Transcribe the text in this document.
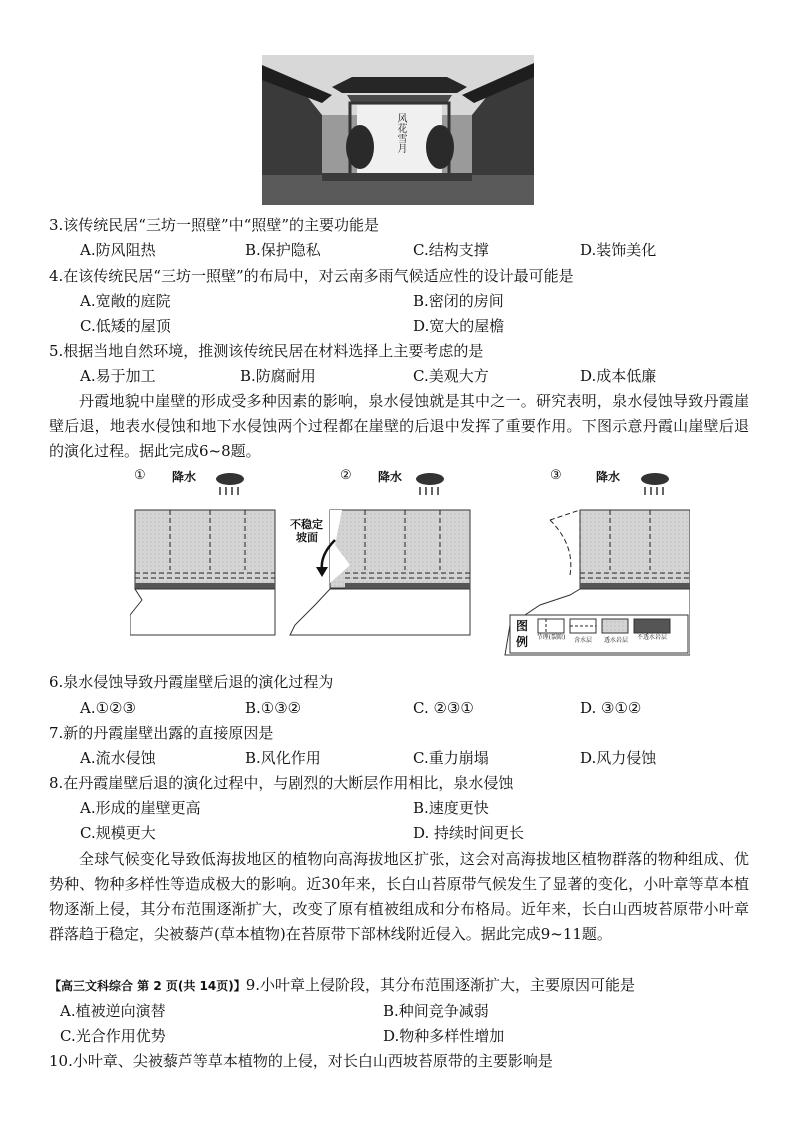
风花雪月
3.该传统民居“三坊一照壁”中“照壁”的主要功能是
A.防风阻热	B.保护隐私	C.结构支撑	D.装饰美化
4.在该传统民居“三坊一照壁”的布局中，对云南多雨气候适应性的设计最可能是
A.宽敞的庭院	B.密闭的房间
C.低矮的屋顶	D.宽大的屋檐
5.根据当地自然环境，推测该传统民居在材料选择上主要考虑的是
A.易于加工	B.防腐耐用	C.美观大方	D.成本低廉
丹霞地貌中崖壁的形成受多种因素的影响，泉水侵蚀就是其中之一。研究表明，泉水侵蚀导致丹霞崖壁后退，地表水侵蚀和地下水侵蚀两个过程都在崖壁的后退中发挥了重要作用。下图示意丹霞山崖壁后退的演化过程。据此完成6~8题。
① 降水	② 降水
不稳定
坡面
③	降水
图
例	节理(裂隙)	含水层	透水岩层	不透水岩层
6.泉水侵蚀导致丹霞崖壁后退的演化过程为
A.①②③	B.①③②	C. ②③①	D. ③①②
7.新的丹霞崖壁出露的直接原因是
A.流水侵蚀	B.风化作用	C.重力崩塌	D.风力侵蚀
8.在丹霞崖壁后退的演化过程中，与剧烈的大断层作用相比，泉水侵蚀
A.形成的崖壁更高	B.速度更快
C.规模更大	D. 持续时间更长
全球气候变化导致低海拔地区的植物向高海拔地区扩张，这会对高海拔地区植物群落的物种组成、优势种、物种多样性等造成极大的影响。近30年来，长白山苔原带气候发生了显著的变化，小叶章等草本植物逐渐上侵，其分布范围逐渐扩大，改变了原有植被组成和分布格局。近年来，长白山西坡苔原带小叶章群落趋于稳定，尖被藜芦(草本植物)在苔原带下部林线附近侵入。据此完成9~11题。
【高三文科综合 第 2 页(共 14页)】9.小叶章上侵阶段，其分布范围逐渐扩大，主要原因可能是
A.植被逆向演替	B.种间竞争减弱
C.光合作用优势	D.物种多样性增加
10.小叶章、尖被藜芦等草本植物的上侵，对长白山西坡苔原带的主要影响是
